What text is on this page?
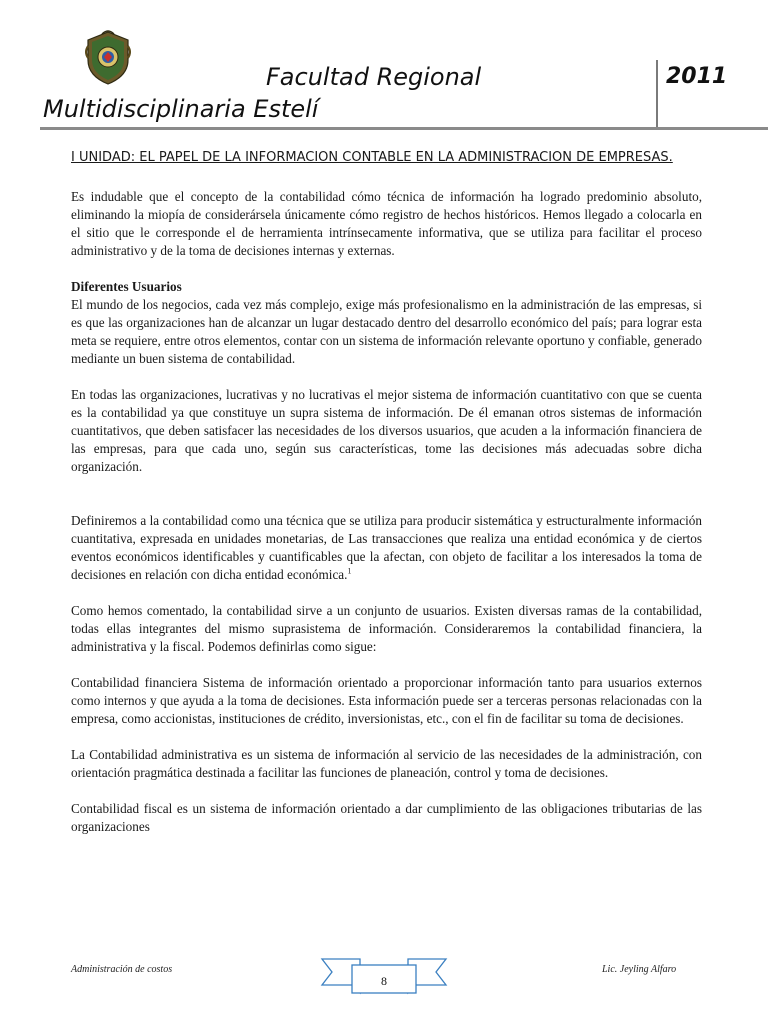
Facultad Regional
Multidisciplinaria Estelí
2011

I UNIDAD: EL PAPEL DE LA INFORMACION CONTABLE EN LA ADMINISTRACION DE EMPRESAS.

Es indudable que el concepto de la contabilidad cómo técnica de información ha logrado predominio absoluto, eliminando la miopía de considerársela únicamente cómo registro de hechos históricos. Hemos llegado a colocarla en el sitio que le corresponde el de herramienta intrínsecamente informativa, que se utiliza para facilitar el proceso administrativo y de la toma de decisiones internas y externas.

Diferentes Usuarios

El mundo de los negocios, cada vez más complejo, exige más profesionalismo en la administración de las empresas, si es que las organizaciones han de alcanzar un lugar destacado dentro del desarrollo económico del país; para lograr esta meta se requiere, entre otros elementos, contar con un sistema de información relevante oportuno y confiable, generado mediante un buen sistema de contabilidad.

En todas las organizaciones, lucrativas y no lucrativas el mejor sistema de información cuantitativo con que se cuenta es la contabilidad ya que constituye un supra sistema de información. De él emanan otros sistemas de información cuantitativos, que deben satisfacer las necesidades de los diversos usuarios, que acuden a la información financiera de las empresas, para que cada uno, según sus características, tome las decisiones más adecuadas sobre dicha organización.

Definiremos a la contabilidad como una técnica que se utiliza para producir sistemática y estructuralmente información cuantitativa, expresada en unidades monetarias, de Las transacciones que realiza una entidad económica y de ciertos eventos económicos identificables y cuantificables que la afectan, con objeto de facilitar a los interesados la toma de decisiones en relación con dicha entidad económica.$^1$

Como hemos comentado, la contabilidad sirve a un conjunto de usuarios. Existen diversas ramas de la contabilidad, todas ellas integrantes del mismo suprasistema de información. Consideraremos la contabilidad financiera, la administrativa y la fiscal. Podemos definirlas como sigue:

Contabilidad financiera Sistema de información orientado a proporcionar información tanto para usuarios externos como internos y que ayuda a la toma de decisiones. Esta información puede ser a terceras personas relacionadas con la empresa, como accionistas, instituciones de crédito, inversionistas, etc., con el fin de facilitar su toma de decisiones.

La Contabilidad administrativa es un sistema de información al servicio de las necesidades de la administración, con orientación pragmática destinada a facilitar las funciones de planeación, control y toma de decisiones.

Contabilidad fiscal es un sistema de información orientado a dar cumplimiento de las obligaciones tributarias de las organizaciones

Administración de costos
8
Lic. Jeyling Alfaro
